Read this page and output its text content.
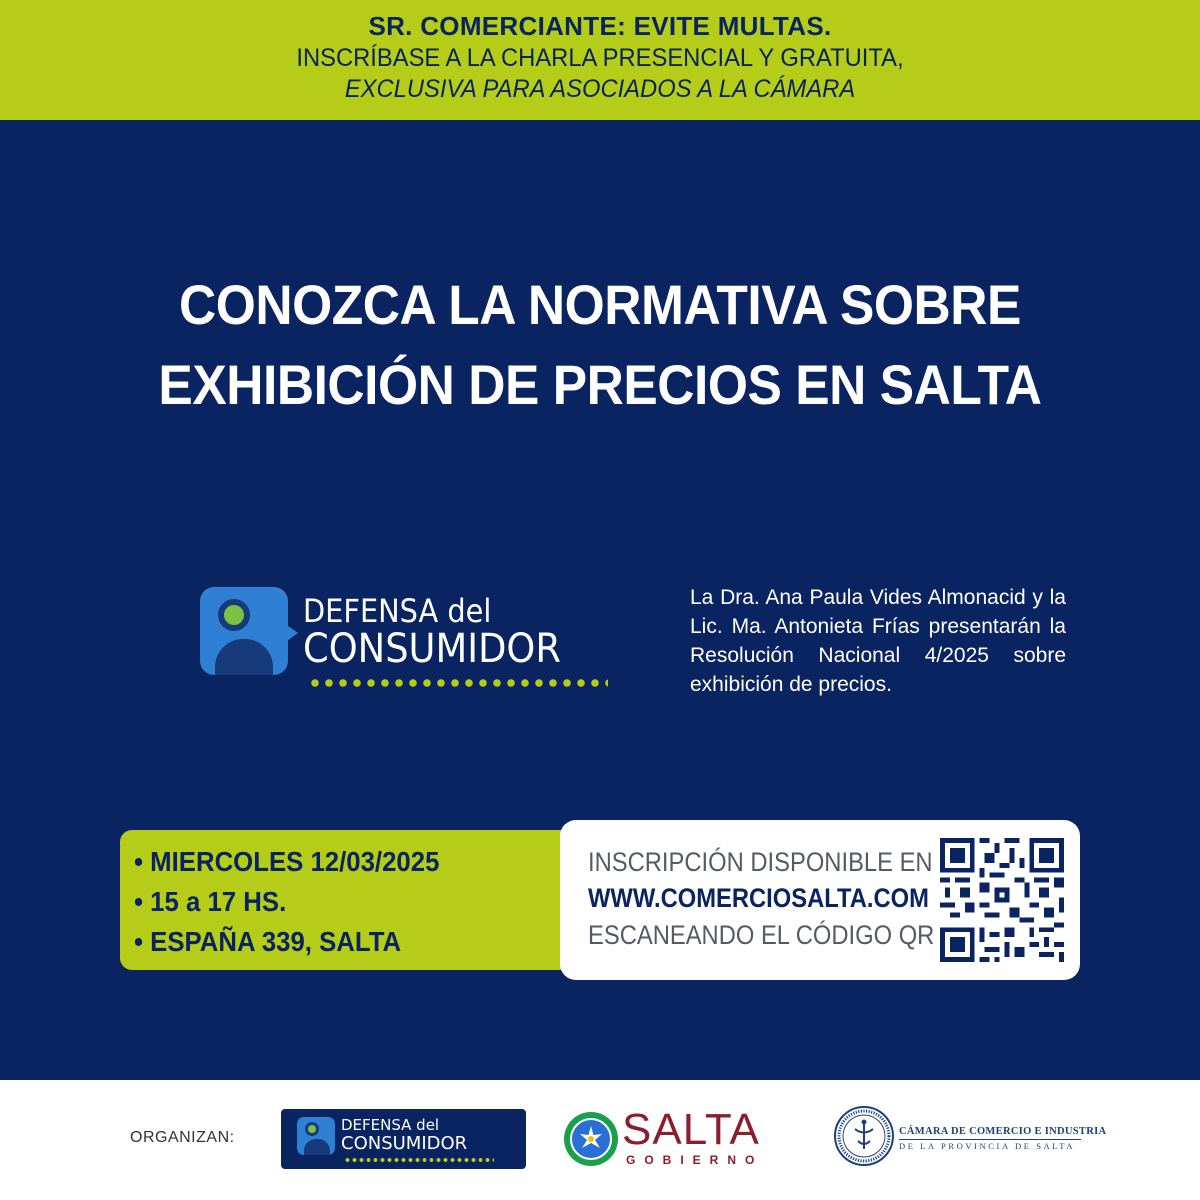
SR. COMERCIANTE: EVITE MULTAS.
INSCRÍBASE A LA CHARLA PRESENCIAL Y GRATUITA,
EXCLUSIVA PARA ASOCIADOS A LA CÁMARA
CONOZCA LA NORMATIVA SOBRE
EXHIBICIÓN DE PRECIOS EN SALTA
DEFENSA del
CONSUMIDOR
La Dra. Ana Paula Vides Almonacid y la Lic. Ma. Antonieta Frías presentarán la Resolución Nacional 4/2025 sobre exhibición de precios.
• MIERCOLES 12/03/2025
• 15 a 17 HS.
• ESPAÑA 339, SALTA
INSCRIPCIÓN DISPONIBLE EN
WWW.COMERCIOSALTA.COM
ESCANEANDO EL CÓDIGO QR
ORGANIZAN:
DEFENSA del
CONSUMIDOR	SALTA
GOBIERNO
CÁMARA DE COMERCIO E INDUSTRIA
DE LA PROVINCIA DE SALTA
